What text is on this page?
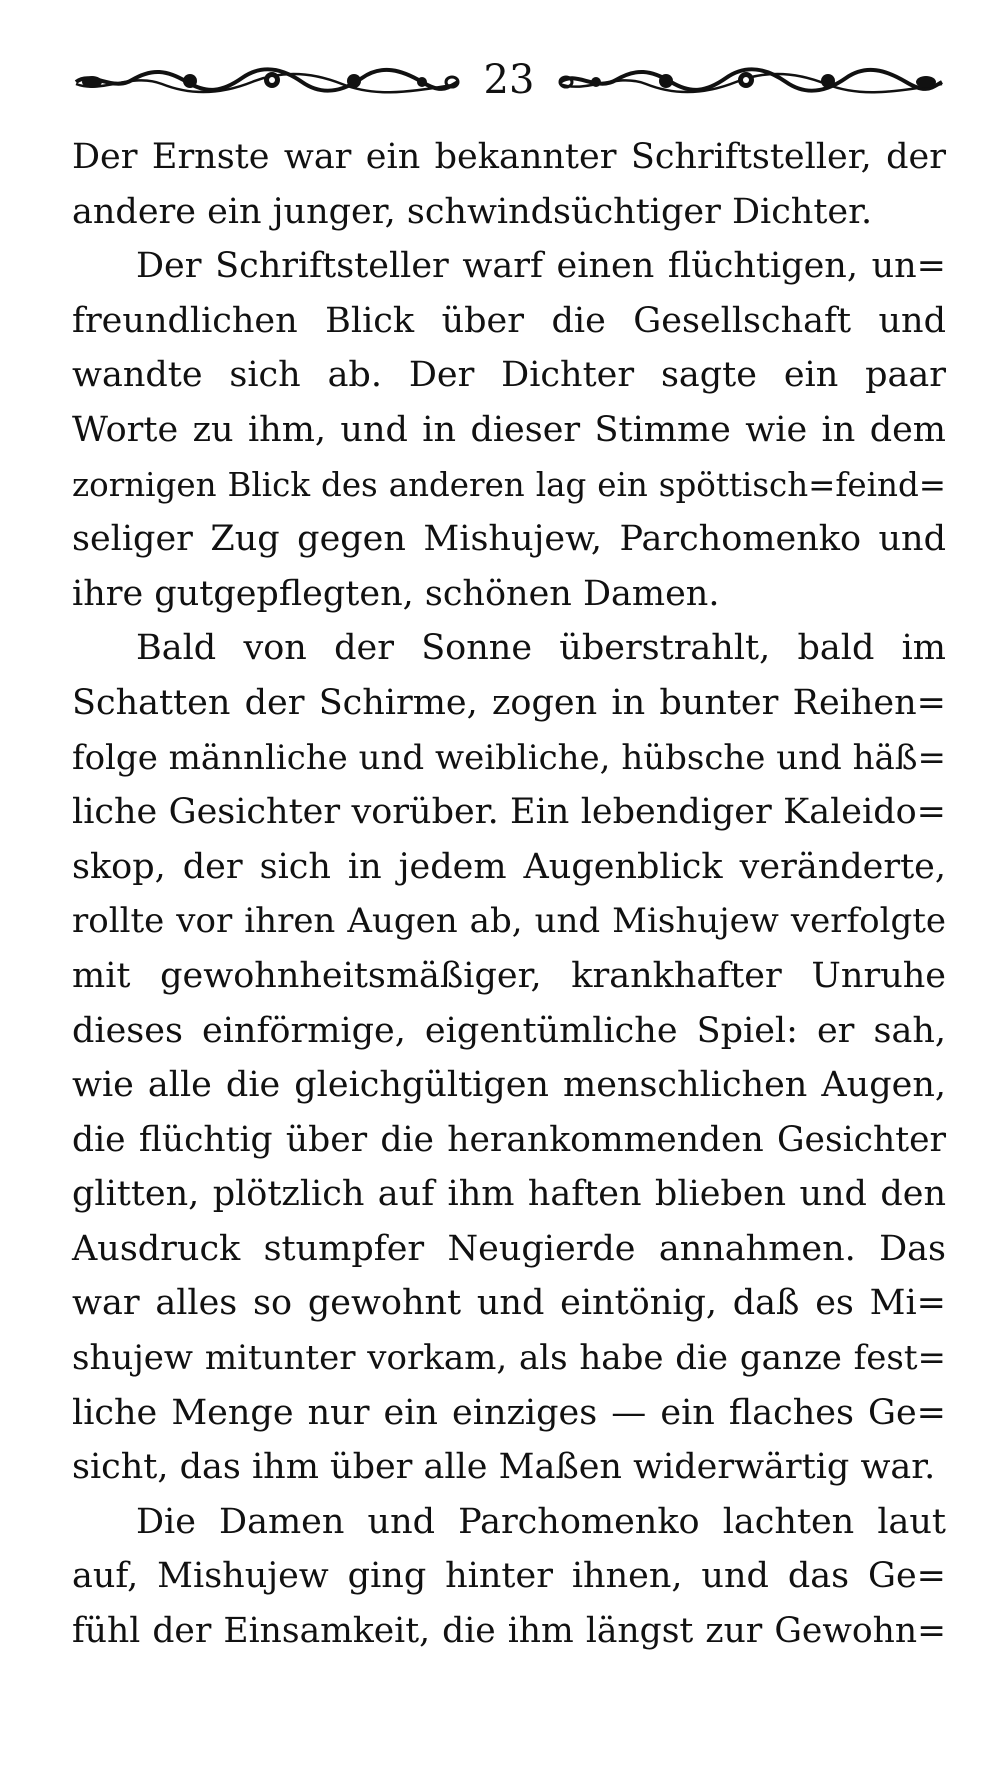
23
Der Ernste war ein bekannter Schriftsteller, der
andere ein junger, schwindsüchtiger Dichter.
Der Schriftsteller warf einen flüchtigen, un=
freundlichen Blick über die Gesellschaft und
wandte sich ab. Der Dichter sagte ein paar
Worte zu ihm, und in dieser Stimme wie in dem
zornigen Blick des anderen lag ein spöttisch=feind=
seliger Zug gegen Mishujew, Parchomenko und
ihre gutgepflegten, schönen Damen.
Bald von der Sonne überstrahlt, bald im
Schatten der Schirme, zogen in bunter Reihen=
folge männliche und weibliche, hübsche und häß=
liche Gesichter vorüber. Ein lebendiger Kaleido=
skop, der sich in jedem Augenblick veränderte,
rollte vor ihren Augen ab, und Mishujew verfolgte
mit gewohnheitsmäßiger, krankhafter Unruhe
dieses einförmige, eigentümliche Spiel: er sah,
wie alle die gleichgültigen menschlichen Augen,
die flüchtig über die herankommenden Gesichter
glitten, plötzlich auf ihm haften blieben und den
Ausdruck stumpfer Neugierde annahmen. Das
war alles so gewohnt und eintönig, daß es Mi=
shujew mitunter vorkam, als habe die ganze fest=
liche Menge nur ein einziges — ein flaches Ge=
sicht, das ihm über alle Maßen widerwärtig war.
Die Damen und Parchomenko lachten laut
auf, Mishujew ging hinter ihnen, und das Ge=
fühl der Einsamkeit, die ihm längst zur Gewohn=
